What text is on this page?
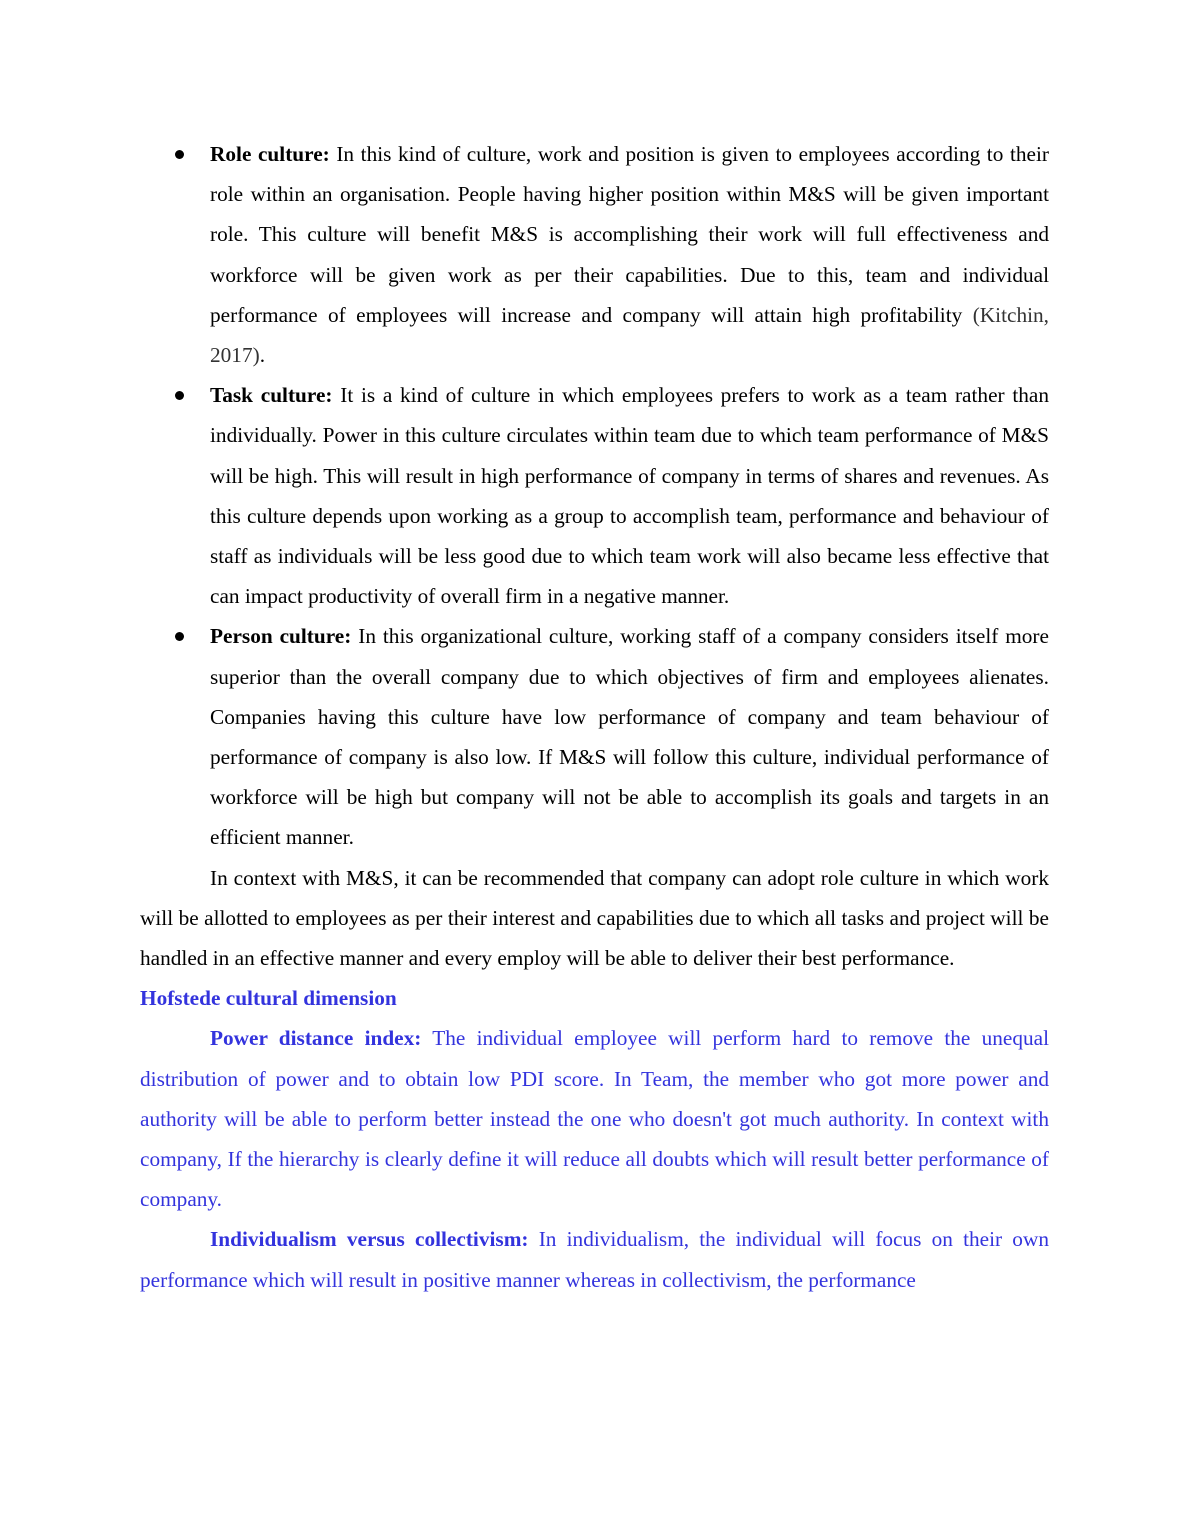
Role culture: In this kind of culture, work and position is given to employees according to their role within an organisation. People having higher position within M&S will be given important role. This culture will benefit M&S is accomplishing their work will full effectiveness and workforce will be given work as per their capabilities. Due to this, team and individual performance of employees will increase and company will attain high profitability (Kitchin, 2017).
Task culture: It is a kind of culture in which employees prefers to work as a team rather than individually. Power in this culture circulates within team due to which team performance of M&S will be high. This will result in high performance of company in terms of shares and revenues. As this culture depends upon working as a group to accomplish team, performance and behaviour of staff as individuals will be less good due to which team work will also became less effective that can impact productivity of overall firm in a negative manner.
Person culture: In this organizational culture, working staff of a company considers itself more superior than the overall company due to which objectives of firm and employees alienates. Companies having this culture have low performance of company and team behaviour of performance of company is also low. If M&S will follow this culture, individual performance of workforce will be high but company will not be able to accomplish its goals and targets in an efficient manner.

In context with M&S, it can be recommended that company can adopt role culture in which work will be allotted to employees as per their interest and capabilities due to which all tasks and project will be handled in an effective manner and every employ will be able to deliver their best performance.

Hofstede cultural dimension

Power distance index: The individual employee will perform hard to remove the unequal distribution of power and to obtain low PDI score. In Team, the member who got more power and authority will be able to perform better instead the one who doesn't got much authority. In context with company, If the hierarchy is clearly define it will reduce all doubts which will result better performance of company.

Individualism versus collectivism: In individualism, the individual will focus on their own performance which will result in positive manner whereas in collectivism, the performance
